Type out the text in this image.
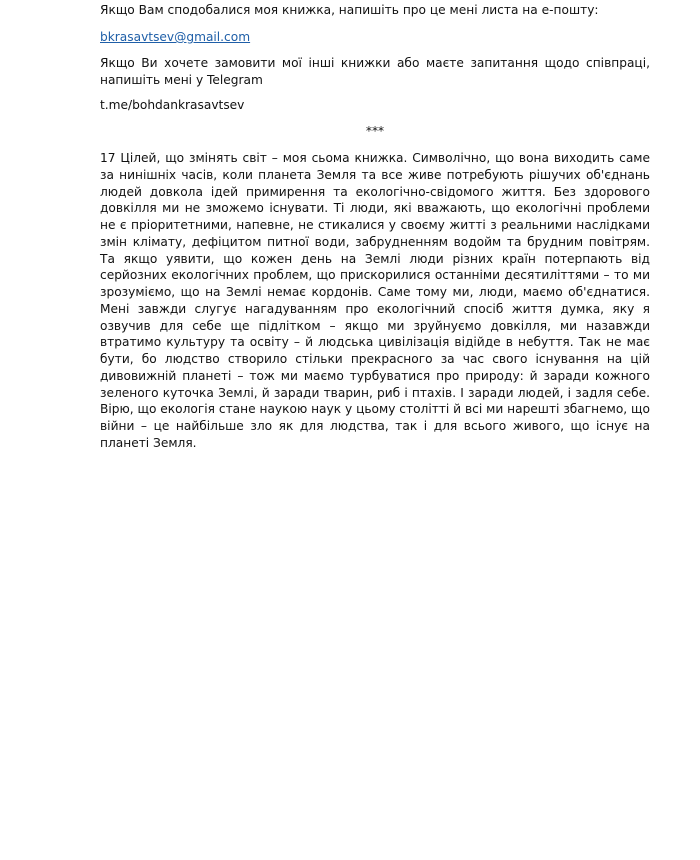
Якщо Вам сподобалися моя книжка, напишіть про це мені листа на е-пошту:

bkrasavtsev@gmail.com

Якщо Ви хочете замовити мої інші книжки або маєте запитання щодо співпраці, напишіть мені у Telegram

t.me/bohdankrasavtsev

***

17 Цілей, що змінять світ – моя сьома книжка. Символічно, що вона виходить саме за нинішніх часів, коли планета Земля та все живе потребують рішучих об'єднань людей довкола ідей примирення та екологічно-свідомого життя. Без здорового довкілля ми не зможемо існувати. Ті люди, які вважають, що екологічні проблеми не є пріоритетними, напевне, не стикалися у своєму житті з реальними наслідками змін клімату, дефіцитом питної води, забрудненням водойм та брудним повітрям. Та якщо уявити, що кожен день на Землі люди різних країн потерпають від серйозних екологічних проблем, що прискорилися останніми десятиліттями – то ми зрозуміємо, що на Землі немає кордонів. Саме тому ми, люди, маємо об'єднатися. Мені завжди слугує нагадуванням про екологічний спосіб життя думка, яку я озвучив для себе ще підлітком – якщо ми зруйнуємо довкілля, ми назавжди втратимо культуру та освіту – й людська цивілізація відійде в небуття. Так не має бути, бо людство створило стільки прекрасного за час свого існування на цій дивовижній планеті – тож ми маємо турбуватися про природу: й заради кожного зеленого куточка Землі, й заради тварин, риб і птахів. І заради людей, і задля себе. Вірю, що екологія стане наукою наук у цьому столітті й всі ми нарешті збагнемо, що війни – це найбільше зло як для людства, так і для всього живого, що існує на планеті Земля.
